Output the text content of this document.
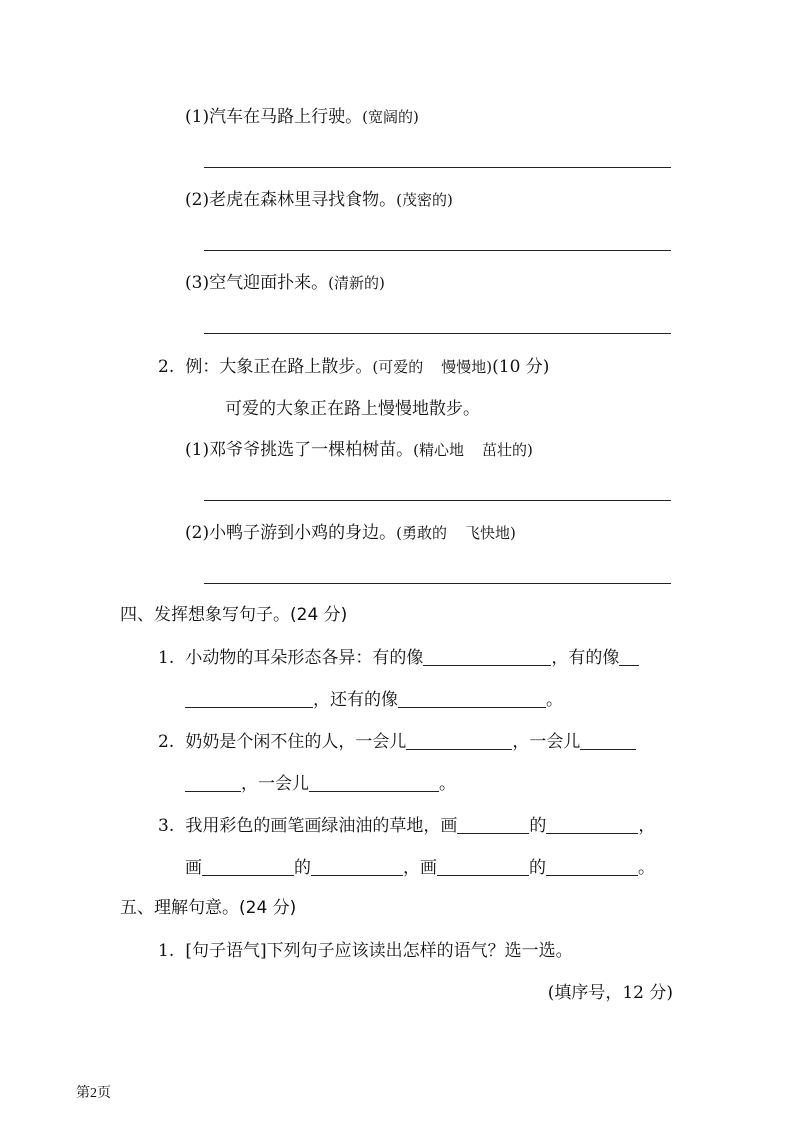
(1)汽车在马路上行驶。(宽阔的)
(2)老虎在森林里寻找食物。(茂密的)
(3)空气迎面扑来。(清新的)
2. 例：大象正在路上散步。(可爱的 慢慢地)(10 分)
可爱的大象正在路上慢慢地散步。
(1)邓爷爷挑选了一棵柏树苗。(精心地 茁壮的)
(2)小鸭子游到小鸡的身边。(勇敢的 飞快地)
四、发挥想象写句子。(24 分)
1. 小动物的耳朵形态各异：有的像	，有的像
，还有的像	。
2. 奶奶是个闲不住的人，一会儿	，一会儿
，一会儿	。
3. 我用彩色的画笔画绿油油的草地，画	的	，
画	的	，画	的	。
五、理解句意。(24 分)
1. [句子语气]下列句子应该读出怎样的语气？选一选。
(填序号，12 分)
第2页
